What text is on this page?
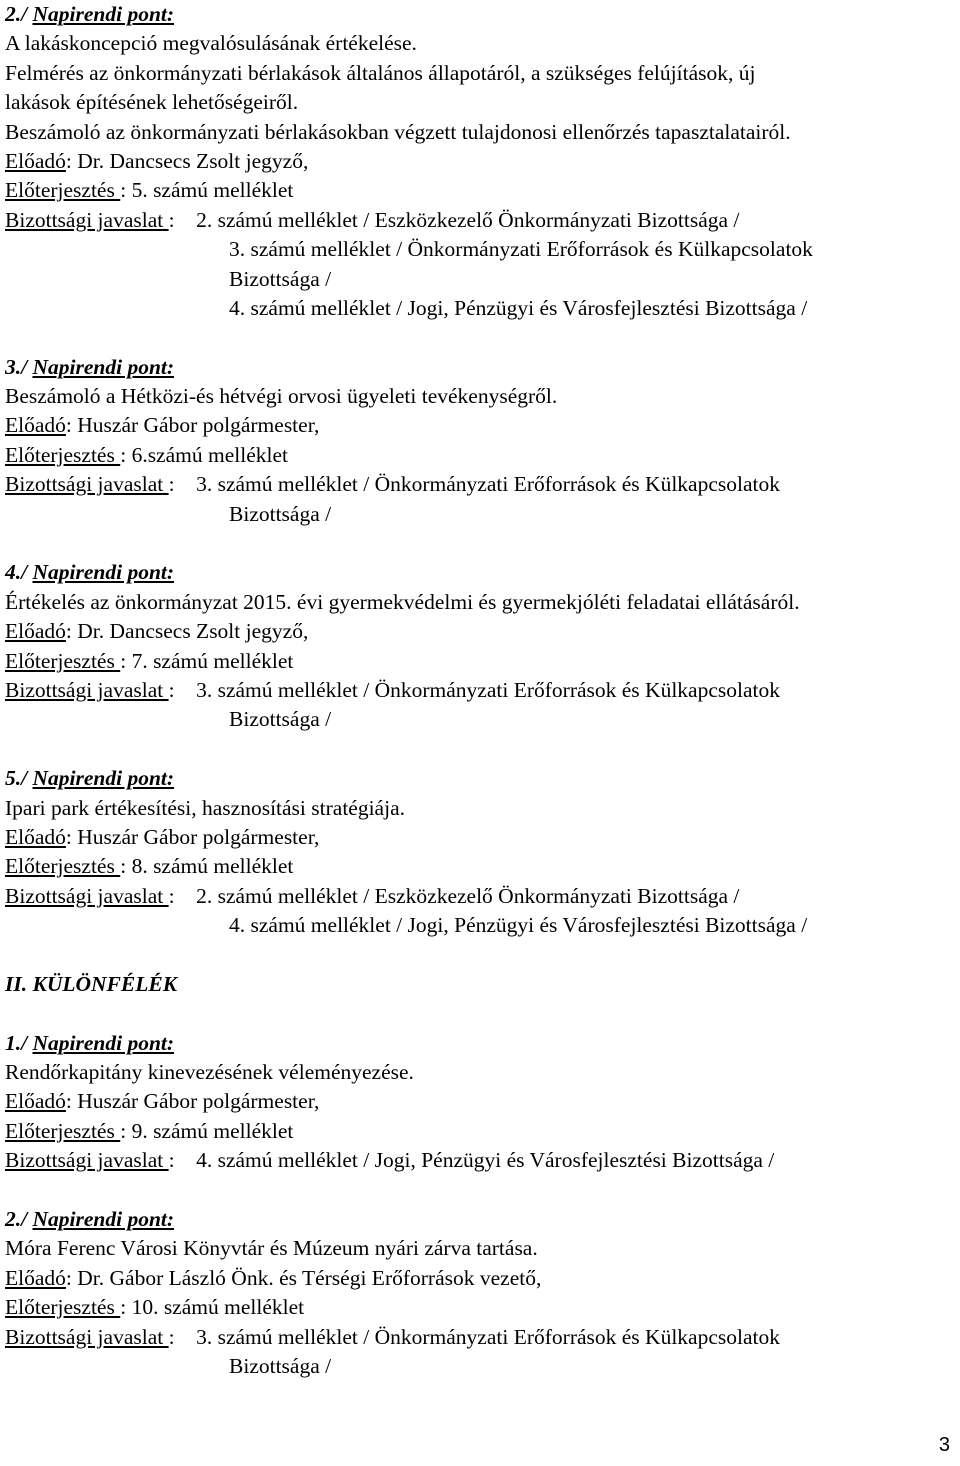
2./ Napirendi pont:
A lakáskoncepció megvalósulásának értékelése.
Felmérés az önkormányzati bérlakások általános állapotáról, a szükséges felújítások, új
lakások építésének lehetőségeiről.
Beszámoló az önkormányzati bérlakásokban végzett tulajdonosi ellenőrzés tapasztalatairól.
Előadó: Dr. Dancsecs Zsolt jegyző,
Előterjesztés : 5. számú melléklet
Bizottsági javaslat :    2. számú melléklet / Eszközkezelő Önkormányzati Bizottsága /
3. számú melléklet / Önkormányzati Erőforrások és Külkapcsolatok
Bizottsága /
4. számú melléklet / Jogi, Pénzügyi és Városfejlesztési Bizottsága /
3./ Napirendi pont:
Beszámoló a Hétközi-és hétvégi orvosi ügyeleti tevékenységről.
Előadó: Huszár Gábor polgármester,
Előterjesztés : 6.számú melléklet
Bizottsági javaslat :    3. számú melléklet / Önkormányzati Erőforrások és Külkapcsolatok
Bizottsága /
4./ Napirendi pont:
Értékelés az önkormányzat 2015. évi gyermekvédelmi és gyermekjóléti feladatai ellátásáról.
Előadó: Dr. Dancsecs Zsolt jegyző,
Előterjesztés : 7. számú melléklet
Bizottsági javaslat :    3. számú melléklet / Önkormányzati Erőforrások és Külkapcsolatok
Bizottsága /
5./ Napirendi pont:
Ipari park értékesítési, hasznosítási stratégiája.
Előadó: Huszár Gábor polgármester,
Előterjesztés : 8. számú melléklet
Bizottsági javaslat :    2. számú melléklet / Eszközkezelő Önkormányzati Bizottsága /
4. számú melléklet / Jogi, Pénzügyi és Városfejlesztési Bizottsága /
II. KÜLÖNFÉLÉK
1./ Napirendi pont:
Rendőrkapitány kinevezésének véleményezése.
Előadó: Huszár Gábor polgármester,
Előterjesztés : 9. számú melléklet
Bizottsági javaslat :    4. számú melléklet / Jogi, Pénzügyi és Városfejlesztési Bizottsága /
2./ Napirendi pont:
Móra Ferenc Városi Könyvtár és Múzeum nyári zárva tartása.
Előadó: Dr. Gábor László Önk. és Térségi Erőforrások vezető,
Előterjesztés : 10. számú melléklet
Bizottsági javaslat :    3. számú melléklet / Önkormányzati Erőforrások és Külkapcsolatok
Bizottsága /
3
